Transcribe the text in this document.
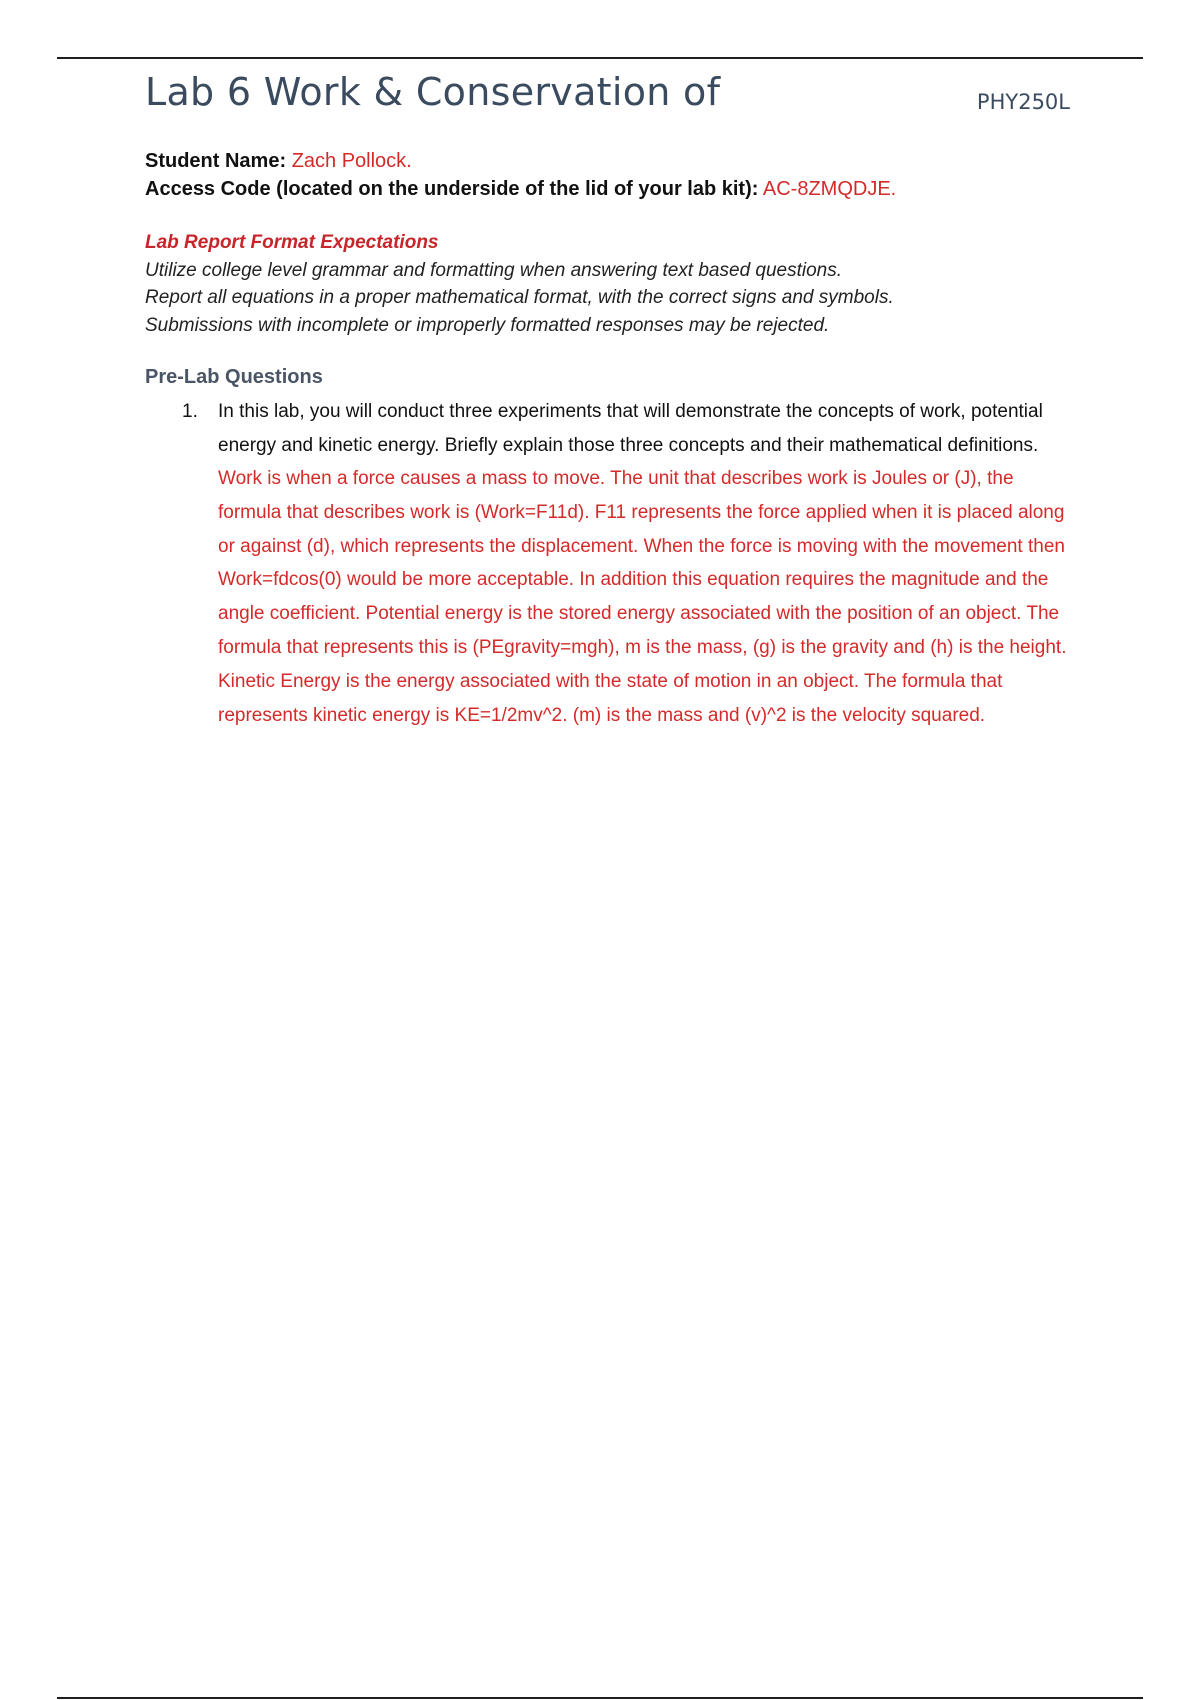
Lab 6 Work & Conservation of	PHY250L
Student Name: Zach Pollock.
Access Code (located on the underside of the lid of your lab kit): AC-8ZMQDJE.
Lab Report Format Expectations
Utilize college level grammar and formatting when answering text based questions.
Report all equations in a proper mathematical format, with the correct signs and symbols.
Submissions with incomplete or improperly formatted responses may be rejected.
Pre-Lab Questions
1. In this lab, you will conduct three experiments that will demonstrate the concepts of work, potential energy and kinetic energy. Briefly explain those three concepts and their mathematical definitions.
Work is when a force causes a mass to move. The unit that describes work is Joules or (J), the formula that describes work is (Work=F11d). F11 represents the force applied when it is placed along or against (d), which represents the displacement. When the force is moving with the movement then Work=fdcos(0) would be more acceptable. In addition this equation requires the magnitude and the angle coefficient. Potential energy is the stored energy associated with the position of an object. The formula that represents this is (PEgravity=mgh), m is the mass, (g) is the gravity and (h) is the height. Kinetic Energy is the energy associated with the state of motion in an object. The formula that represents kinetic energy is KE=1/2mv^2. (m) is the mass and (v)^2 is the velocity squared.
